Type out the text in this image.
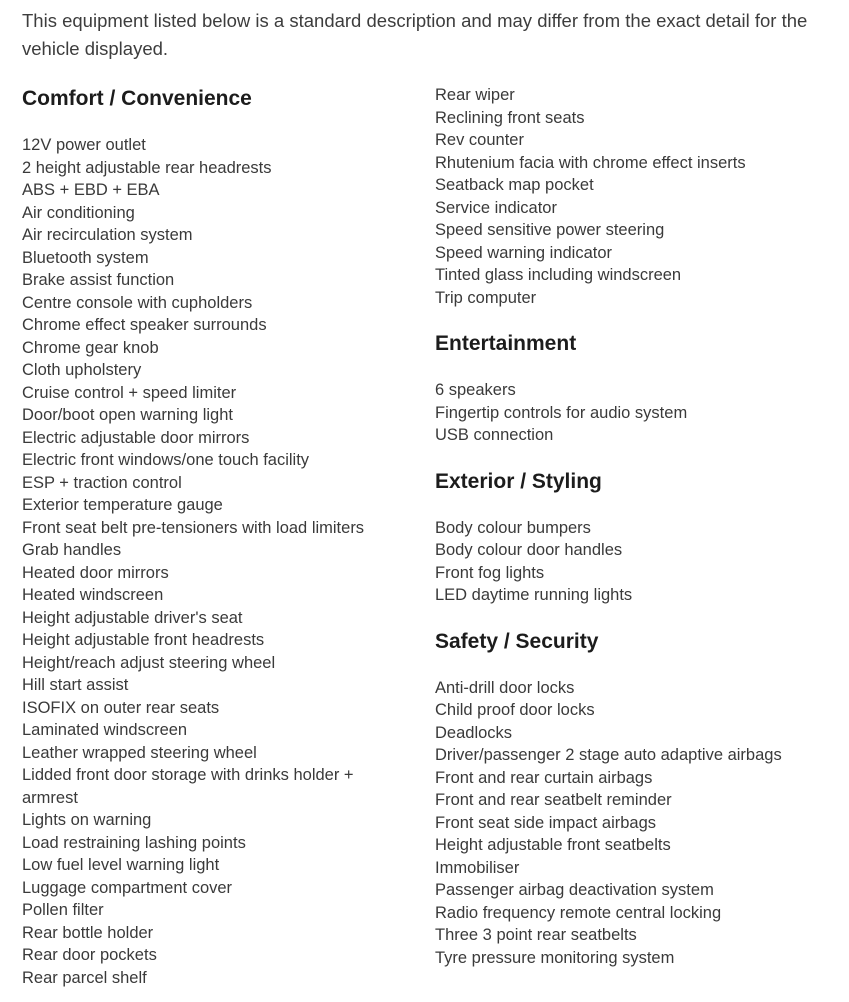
This equipment listed below is a standard description and may differ from the exact detail for the vehicle displayed.

Comfort / Convenience
12V power outlet
2 height adjustable rear headrests
ABS + EBD + EBA
Air conditioning
Air recirculation system
Bluetooth system
Brake assist function
Centre console with cupholders
Chrome effect speaker surrounds
Chrome gear knob
Cloth upholstery
Cruise control + speed limiter
Door/boot open warning light
Electric adjustable door mirrors
Electric front windows/one touch facility
ESP + traction control
Exterior temperature gauge
Front seat belt pre-tensioners with load limiters
Grab handles
Heated door mirrors
Heated windscreen
Height adjustable driver's seat
Height adjustable front headrests
Height/reach adjust steering wheel
Hill start assist
ISOFIX on outer rear seats
Laminated windscreen
Leather wrapped steering wheel
Lidded front door storage with drinks holder + armrest
Lights on warning
Load restraining lashing points
Low fuel level warning light
Luggage compartment cover
Pollen filter
Rear bottle holder
Rear door pockets
Rear parcel shelf
Rear wiper
Reclining front seats
Rev counter
Rhutenium facia with chrome effect inserts
Seatback map pocket
Service indicator
Speed sensitive power steering
Speed warning indicator
Tinted glass including windscreen
Trip computer
Entertainment
6 speakers
Fingertip controls for audio system
USB connection
Exterior / Styling
Body colour bumpers
Body colour door handles
Front fog lights
LED daytime running lights
Safety / Security
Anti-drill door locks
Child proof door locks
Deadlocks
Driver/passenger 2 stage auto adaptive airbags
Front and rear curtain airbags
Front and rear seatbelt reminder
Front seat side impact airbags
Height adjustable front seatbelts
Immobiliser
Passenger airbag deactivation system
Radio frequency remote central locking
Three 3 point rear seatbelts
Tyre pressure monitoring system
